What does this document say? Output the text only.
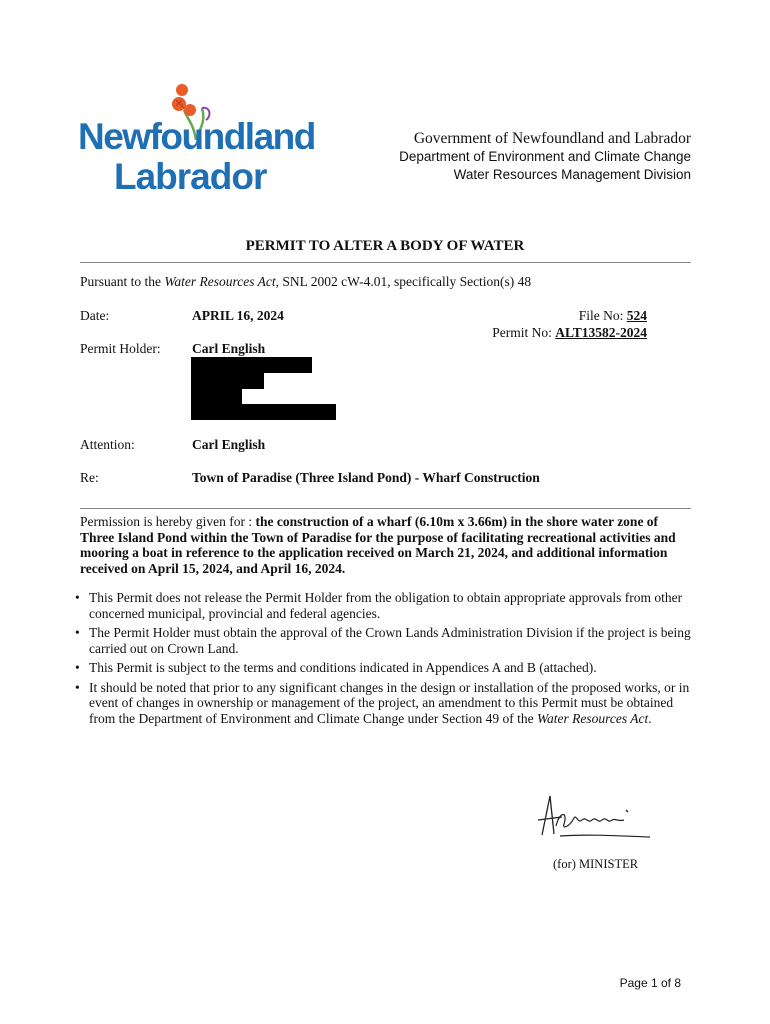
Newfoundland
Labrador
Government of Newfoundland and Labrador
Department of Environment and Climate Change
Water Resources Management Division
PERMIT TO ALTER A BODY OF WATER
Pursuant to the Water Resources Act, SNL 2002 cW-4.01, specifically Section(s) 48
Date:	APRIL 16, 2024	File No: 524
Permit No: ALT13582-2024
Permit Holder: Carl English
Attention:	Carl English
Re:	Town of Paradise (Three Island Pond) - Wharf Construction
Permission is hereby given for : the construction of a wharf (6.10m x 3.66m) in the shore water zone of Three Island Pond within the Town of Paradise for the purpose of facilitating recreational activities and mooring a boat in reference to the application received on March 21, 2024, and additional information received on April 15, 2024, and April 16, 2024.
• This Permit does not release the Permit Holder from the obligation to obtain appropriate approvals from other concerned municipal, provincial and federal agencies.
• The Permit Holder must obtain the approval of the Crown Lands Administration Division if the project is being carried out on Crown Land.
• This Permit is subject to the terms and conditions indicated in Appendices A and B (attached).
• It should be noted that prior to any significant changes in the design or installation of the proposed works, or in event of changes in ownership or management of the project, an amendment to this Permit must be obtained from the Department of Environment and Climate Change under Section 49 of the Water Resources Act.
(for) MINISTER
Page 1 of 8
